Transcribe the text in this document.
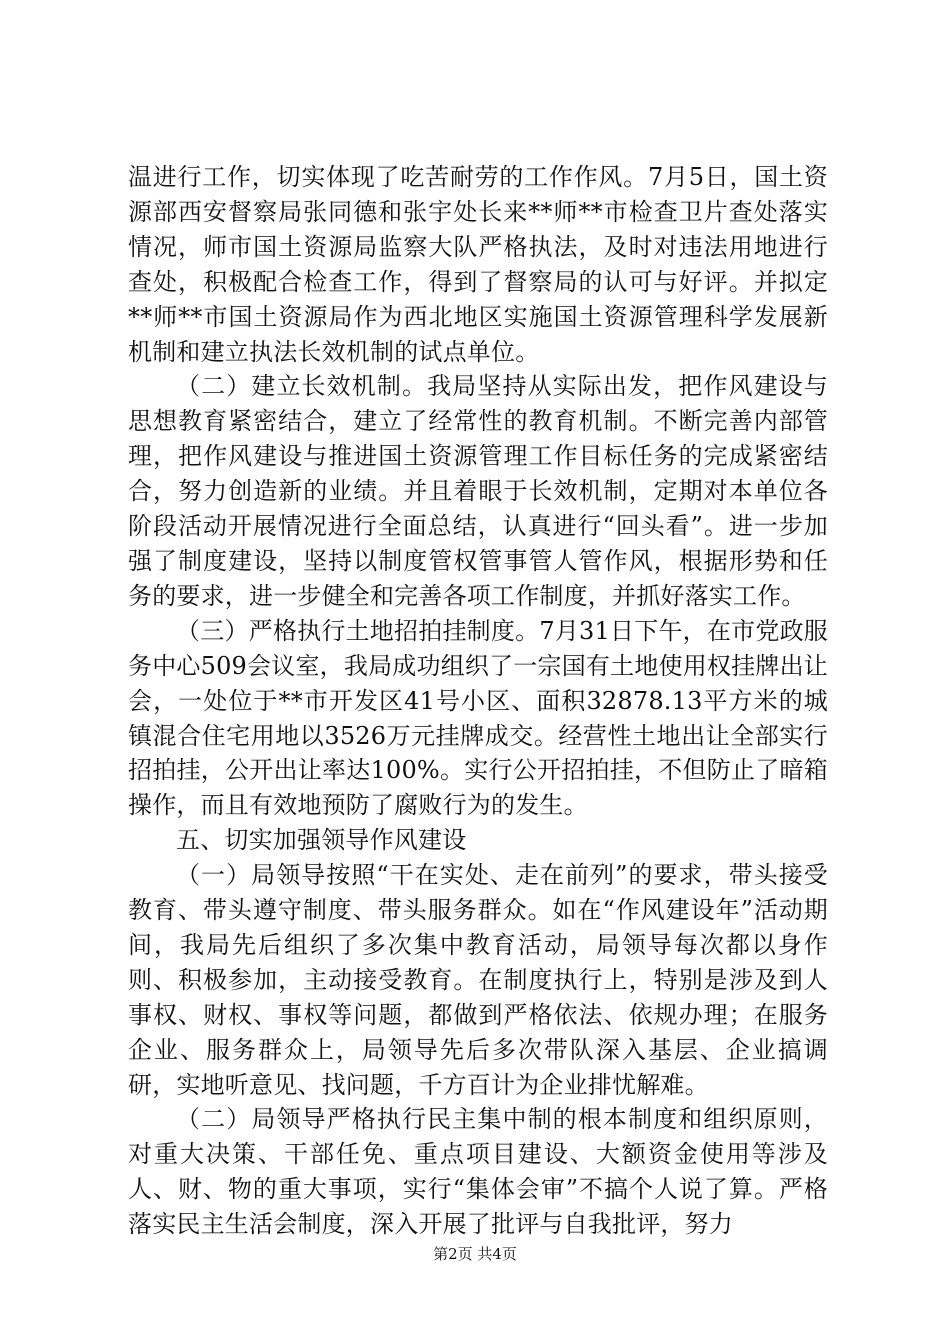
温进行工作，切实体现了吃苦耐劳的工作作风。7月5日，国土资源部西安督察局张同德和张宇处长来**师**市检查卫片查处落实情况，师市国土资源局监察大队严格执法，及时对违法用地进行查处，积极配合检查工作，得到了督察局的认可与好评。并拟定**师**市国土资源局作为西北地区实施国土资源管理科学发展新机制和建立执法长效机制的试点单位。

（二）建立长效机制。我局坚持从实际出发，把作风建设与思想教育紧密结合，建立了经常性的教育机制。不断完善内部管理，把作风建设与推进国土资源管理工作目标任务的完成紧密结合，努力创造新的业绩。并且着眼于长效机制，定期对本单位各阶段活动开展情况进行全面总结，认真进行“回头看”。进一步加强了制度建设，坚持以制度管权管事管人管作风，根据形势和任务的要求，进一步健全和完善各项工作制度，并抓好落实工作。

（三）严格执行土地招拍挂制度。7月31日下午，在市党政服务中心509会议室，我局成功组织了一宗国有土地使用权挂牌出让会，一处位于**市开发区41号小区、面积32878.13平方米的城镇混合住宅用地以3526万元挂牌成交。经营性土地出让全部实行招拍挂，公开出让率达100%。实行公开招拍挂，不但防止了暗箱操作，而且有效地预防了腐败行为的发生。

五、切实加强领导作风建设

（一）局领导按照“干在实处、走在前列”的要求，带头接受教育、带头遵守制度、带头服务群众。如在“作风建设年”活动期间，我局先后组织了多次集中教育活动，局领导每次都以身作则、积极参加，主动接受教育。在制度执行上，特别是涉及到人事权、财权、事权等问题，都做到严格依法、依规办理；在服务企业、服务群众上，局领导先后多次带队深入基层、企业搞调研，实地听意见、找问题，千方百计为企业排忧解难。

（二）局领导严格执行民主集中制的根本制度和组织原则，对重大决策、干部任免、重点项目建设、大额资金使用等涉及人、财、物的重大事项，实行“集体会审”不搞个人说了算。严格落实民主生活会制度，深入开展了批评与自我批评，努力

第2页 共4页
